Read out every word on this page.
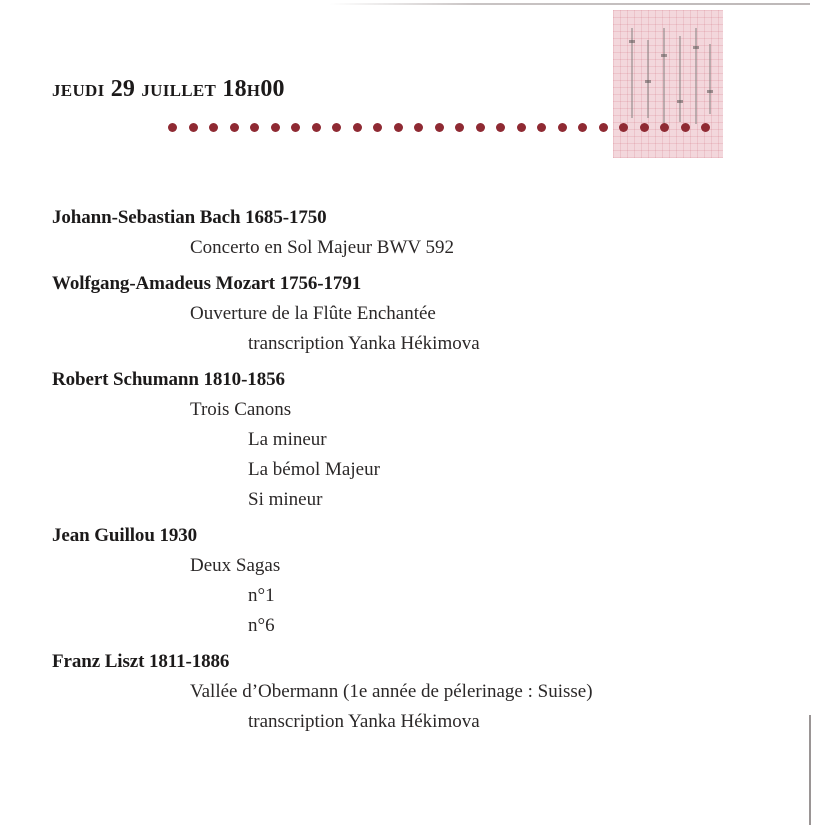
JEUDI 29 JUILLET 18H00
Johann-Sebastian Bach 1685-1750
Concerto en Sol Majeur BWV 592
Wolfgang-Amadeus Mozart 1756-1791
Ouverture de la Flûte Enchantée
transcription Yanka Hékimova
Robert Schumann 1810-1856
Trois Canons
La mineur
La bémol Majeur
Si mineur
Jean Guillou 1930
Deux Sagas
n°1
n°6
Franz Liszt 1811-1886
Vallée d’Obermann (1e année de pélerinage : Suisse)
transcription Yanka Hékimova
